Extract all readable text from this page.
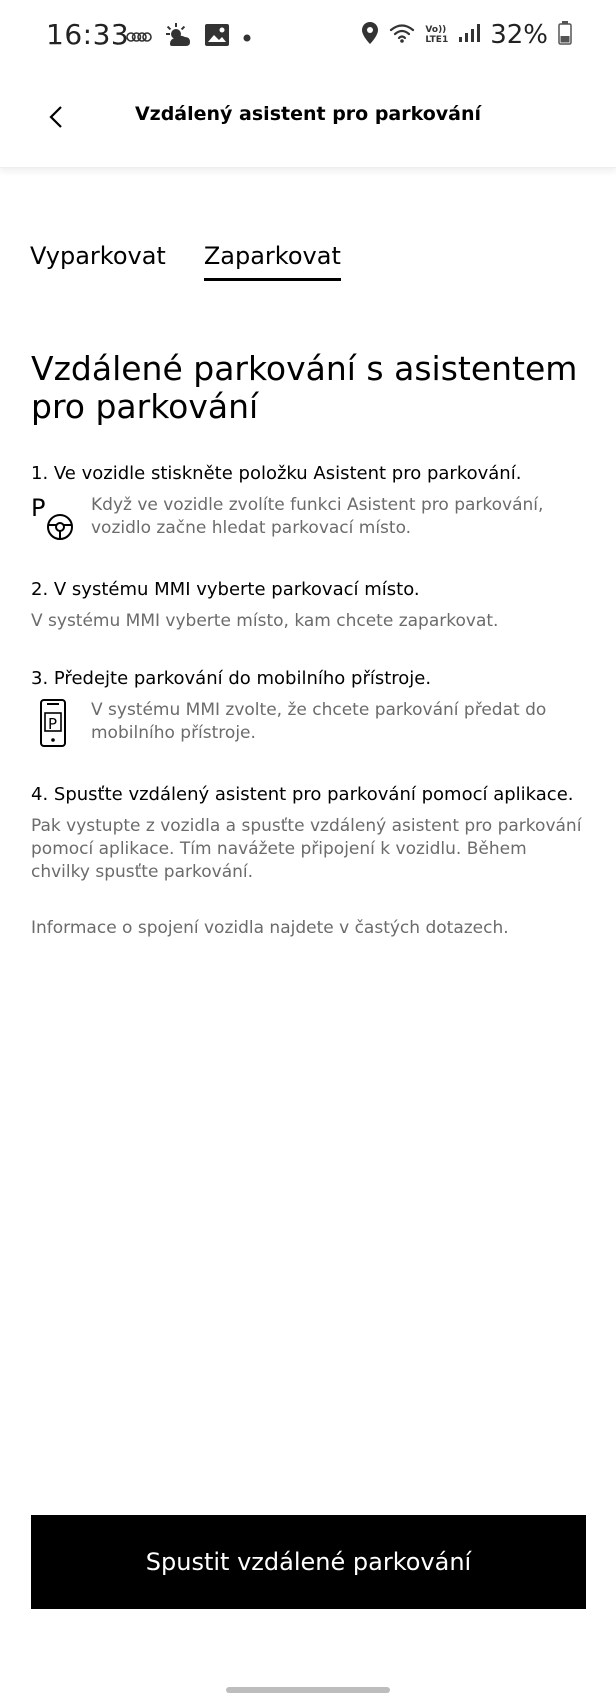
16:33	Vo))
LTE1 32%
Vzdálený asistent pro parkování
Vyparkovat Zaparkovat
Vzdálené parkování s asistentem pro parkování
1. Ve vozidle stiskněte položku Asistent pro parkování.
P	Když ve vozidle zvolíte funkci Asistent pro parkování, vozidlo začne hledat parkovací místo.
2. V systému MMI vyberte parkovací místo.
V systému MMI vyberte místo, kam chcete zaparkovat.
3. Předejte parkování do mobilního přístroje.
P
V systému MMI zvolte, že chcete parkování předat do mobilního přístroje.
4. Spusťte vzdálený asistent pro parkování pomocí aplikace.
Pak vystupte z vozidla a spusťte vzdálený asistent pro parkování pomocí aplikace. Tím navážete připojení k vozidlu. Během chvilky spusťte parkování.
Informace o spojení vozidla najdete v častých dotazech.
Spustit vzdálené parkování
